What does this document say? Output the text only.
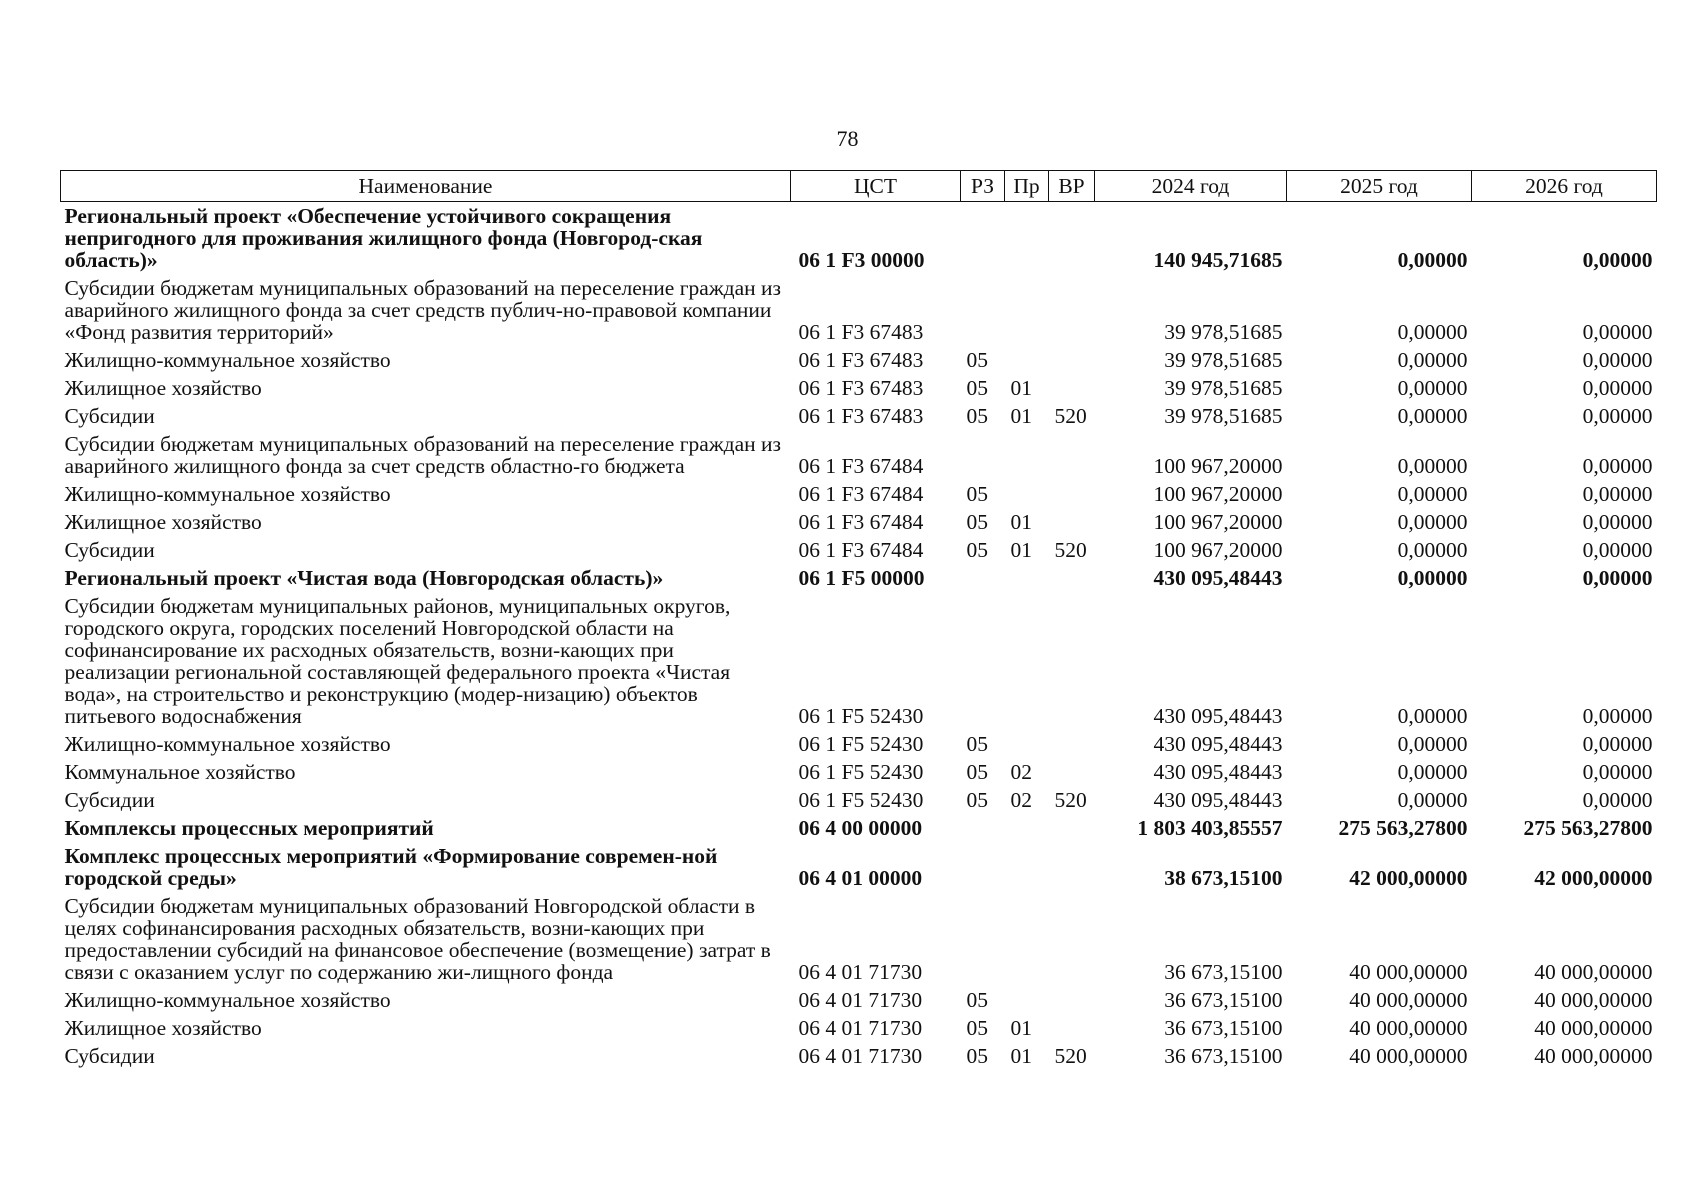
78
Наименование	ЦСТ	РЗ	Пр	ВР	2024 год	2025 год	2026 год
Региональный проект «Обеспечение устойчивого сокращения непригодного для проживания жилищного фонда (Новгород-ская область)»	06 1 F3 00000				140 945,71685	0,00000	0,00000
Субсидии бюджетам муниципальных образований на переселение граждан из аварийного жилищного фонда за счет средств публич-но-правовой компании «Фонд развития территорий»	06 1 F3 67483				39 978,51685	0,00000	0,00000
Жилищно-коммунальное хозяйство	06 1 F3 67483	05			39 978,51685	0,00000	0,00000
Жилищное хозяйство	06 1 F3 67483	05	01		39 978,51685	0,00000	0,00000
Субсидии	06 1 F3 67483	05	01	520	39 978,51685	0,00000	0,00000
Субсидии бюджетам муниципальных образований на переселение граждан из аварийного жилищного фонда за счет средств областно-го бюджета	06 1 F3 67484				100 967,20000	0,00000	0,00000
Жилищно-коммунальное хозяйство	06 1 F3 67484	05			100 967,20000	0,00000	0,00000
Жилищное хозяйство	06 1 F3 67484	05	01		100 967,20000	0,00000	0,00000
Субсидии	06 1 F3 67484	05	01	520	100 967,20000	0,00000	0,00000
Региональный проект «Чистая вода (Новгородская область)»	06 1 F5 00000				430 095,48443	0,00000	0,00000
Субсидии бюджетам муниципальных районов, муниципальных округов, городского округа, городских поселений Новгородской области на софинансирование их расходных обязательств, возни-кающих при реализации региональной составляющей федерального проекта «Чистая вода», на строительство и реконструкцию (модер-низацию) объектов питьевого водоснабжения	06 1 F5 52430				430 095,48443	0,00000	0,00000
Жилищно-коммунальное хозяйство	06 1 F5 52430	05			430 095,48443	0,00000	0,00000
Коммунальное хозяйство	06 1 F5 52430	05	02		430 095,48443	0,00000	0,00000
Субсидии	06 1 F5 52430	05	02	520	430 095,48443	0,00000	0,00000
Комплексы процессных мероприятий	06 4 00 00000				1 803 403,85557	275 563,27800	275 563,27800
Комплекс процессных мероприятий «Формирование современ-ной городской среды»	06 4 01 00000				38 673,15100	42 000,00000	42 000,00000
Субсидии бюджетам муниципальных образований Новгородской области в целях софинансирования расходных обязательств, возни-кающих при предоставлении субсидий на финансовое обеспечение (возмещение) затрат в связи с оказанием услуг по содержанию жи-лищного фонда	06 4 01 71730				36 673,15100	40 000,00000	40 000,00000
Жилищно-коммунальное хозяйство	06 4 01 71730	05			36 673,15100	40 000,00000	40 000,00000
Жилищное хозяйство	06 4 01 71730	05	01		36 673,15100	40 000,00000	40 000,00000
Субсидии	06 4 01 71730	05	01	520	36 673,15100	40 000,00000	40 000,00000
